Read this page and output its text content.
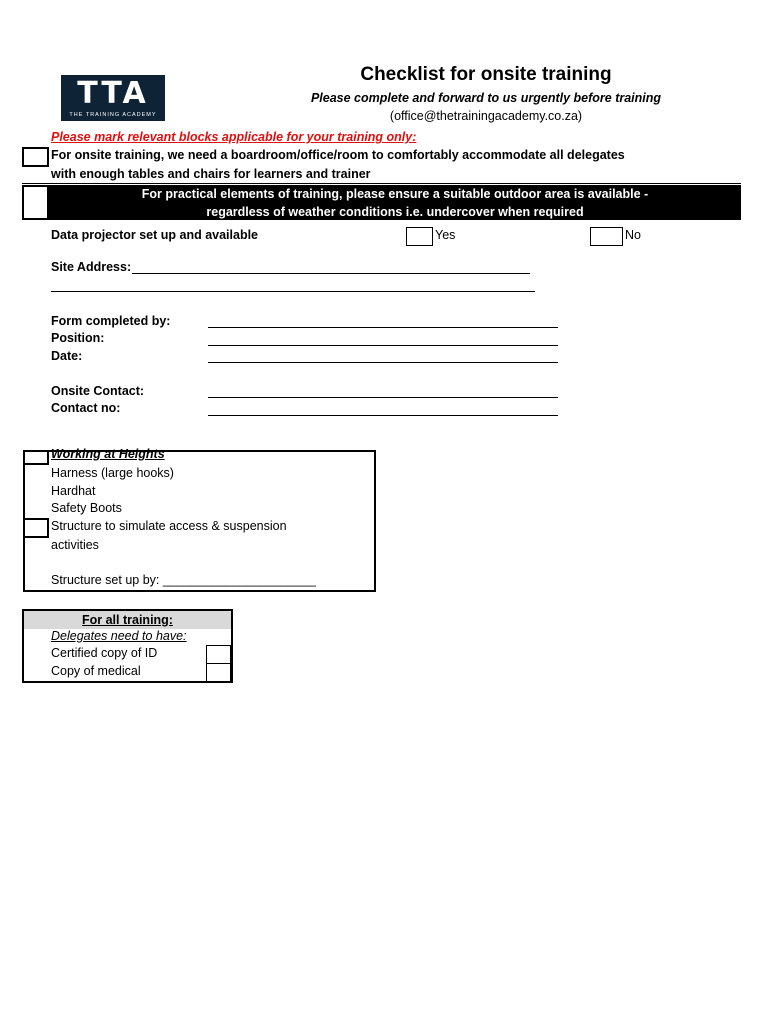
TTA
THE TRAINING ACADEMY
Checklist for onsite training
Please complete and forward to us urgently before training
(office@thetrainingacademy.co.za)
Please mark relevant blocks applicable for your training only:
For onsite training, we need a boardroom/office/room to comfortably accommodate all delegates
with enough tables and chairs for learners and trainer
For practical elements of training, please ensure a suitable outdoor area is available -
regardless of weather conditions i.e. undercover when required
Data projector set up and available	Yes	No
Site Address:
Form completed by:
Position:
Date:
Onsite Contact:
Contact no:
Working at Heights
Harness (large hooks)
Hardhat
Safety Boots
Structure to simulate access & suspension
activities
Structure set up by: ______________________
For all training:
Delegates need to have:
Certified copy of ID
Copy of medical
